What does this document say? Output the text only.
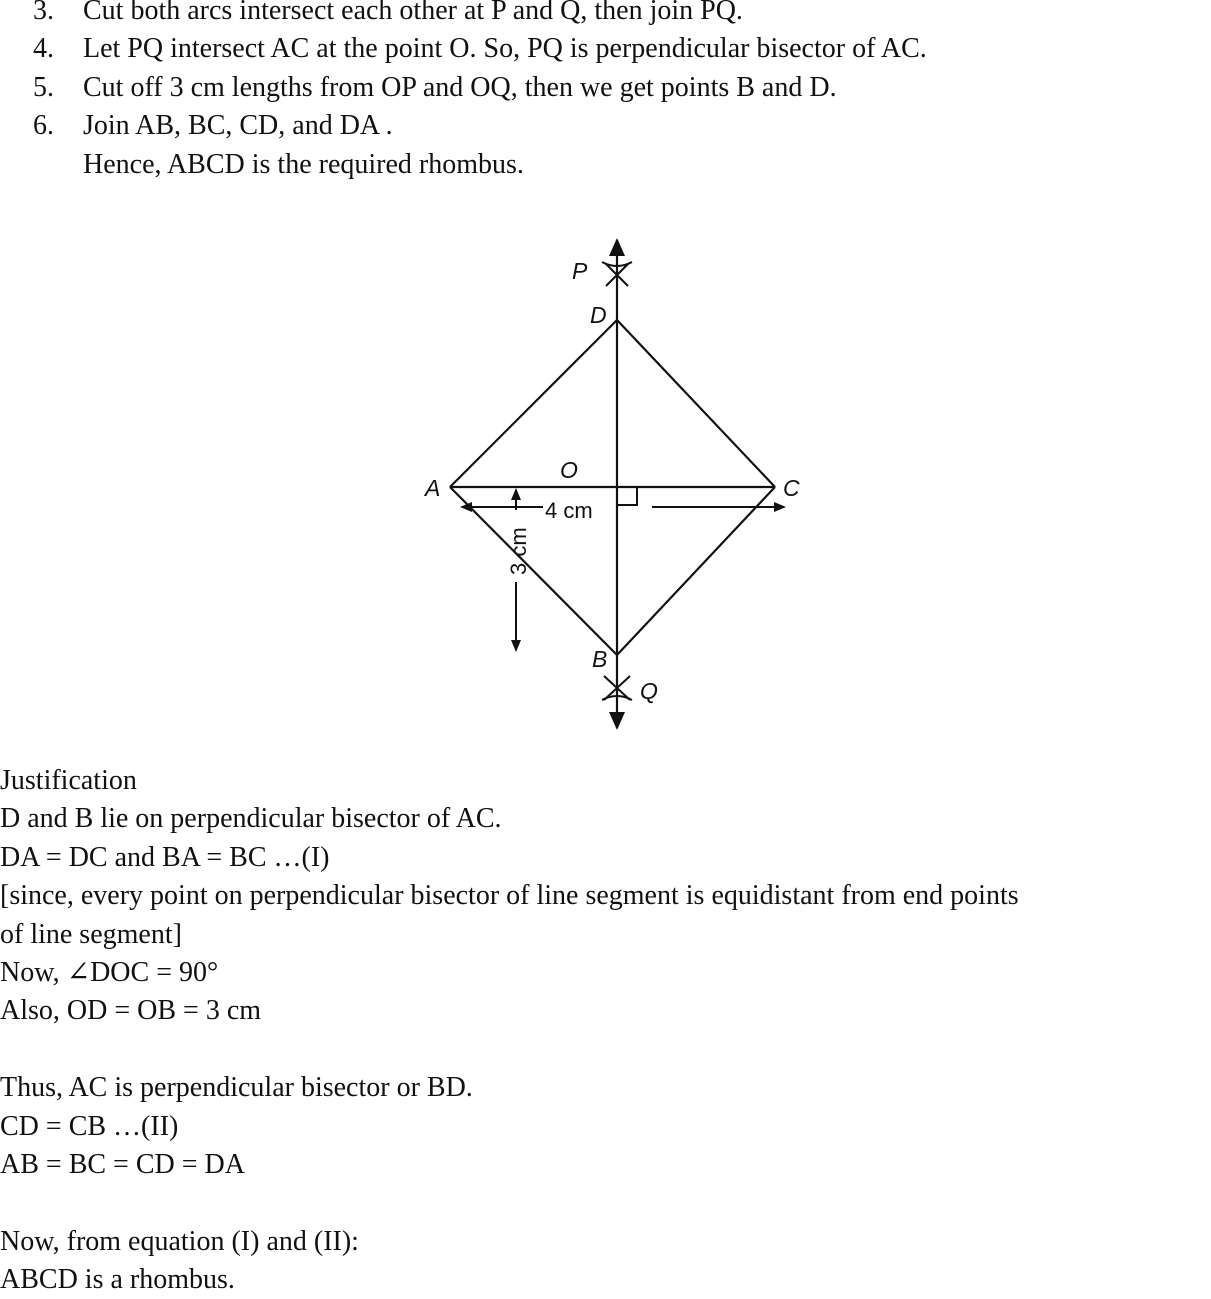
3. Cut both arcs intersect each other at P and Q, then join PQ.
4. Let PQ intersect AC at the point O. So, PQ is perpendicular bisector of AC.
5. Cut off 3 cm lengths from OP and OQ, then we get points B and D.
6. Join AB, BC, CD, and DA .
Hence, ABCD is the required rhombus.
P
D
O
A	C
B
Q
4 cm
3 cm
Justification
D and B lie on perpendicular bisector of AC.
DA = DC and BA = BC …(I)
[since, every point on perpendicular bisector of line segment is equidistant from end points
of line segment]
Now, ∠DOC = 90°
Also, OD = OB = 3 cm
Thus, AC is perpendicular bisector or BD.
CD = CB …(II)
AB = BC = CD = DA
Now, from equation (I) and (II):
ABCD is a rhombus.
